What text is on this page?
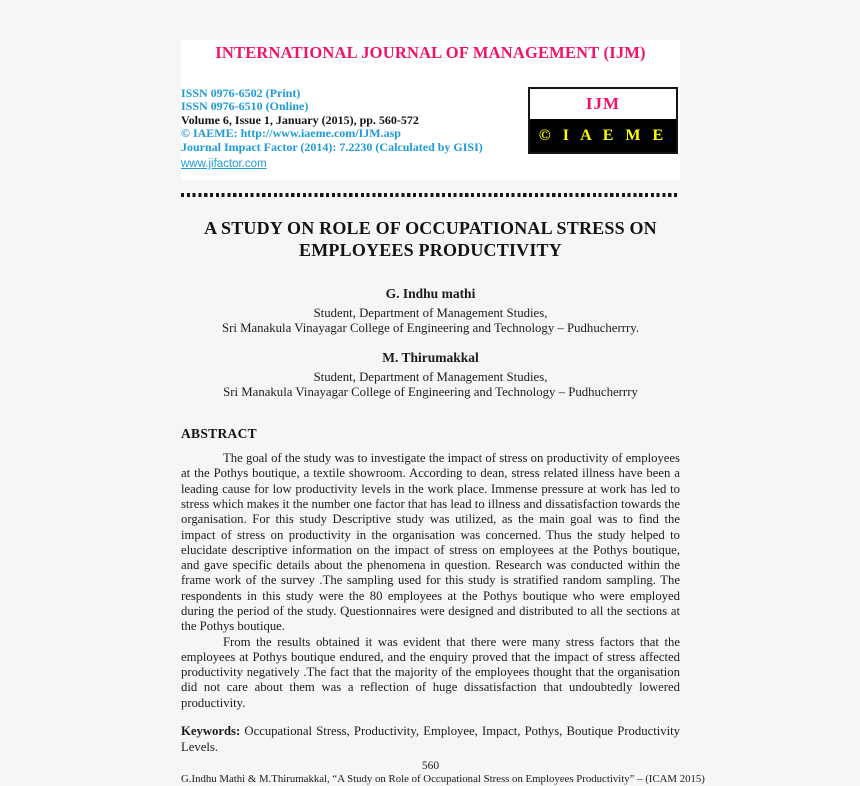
INTERNATIONAL JOURNAL OF MANAGEMENT (IJM)
ISSN 0976-6502 (Print)
ISSN 0976-6510 (Online)
Volume 6, Issue 1, January (2015), pp. 560-572
© IAEME: http://www.iaeme.com/IJM.asp
Journal Impact Factor (2014): 7.2230 (Calculated by GISI)
www.jifactor.com
IJM
© I A E M E
A STUDY ON ROLE OF OCCUPATIONAL STRESS ON EMPLOYEES PRODUCTIVITY
G. Indhu mathi
Student, Department of Management Studies,
Sri Manakula Vinayagar College of Engineering and Technology – Pudhucherrry.
M. Thirumakkal
Student, Department of Management Studies,
Sri Manakula Vinayagar College of Engineering and Technology – Pudhucherrry
ABSTRACT

The goal of the study was to investigate the impact of stress on productivity of employees at the Pothys boutique, a textile showroom. According to dean, stress related illness have been a leading cause for low productivity levels in the work place. Immense pressure at work has led to stress which makes it the number one factor that has lead to illness and dissatisfaction towards the organisation. For this study Descriptive study was utilized, as the main goal was to find the impact of stress on productivity in the organisation was concerned. Thus the study helped to elucidate descriptive information on the impact of stress on employees at the Pothys boutique, and gave specific details about the phenomena in question. Research was conducted within the frame work of the survey .The sampling used for this study is stratified random sampling. The respondents in this study were the 80 employees at the Pothys boutique who were employed during the period of the study. Questionnaires were designed and distributed to all the sections at the Pothys boutique.

From the results obtained it was evident that there were many stress factors that the employees at Pothys boutique endured, and the enquiry proved that the impact of stress affected productivity negatively .The fact that the majority of the employees thought that the organisation did not care about them was a reflection of huge dissatisfaction that undoubtedly lowered productivity.

Keywords: Occupational Stress, Productivity, Employee, Impact, Pothys, Boutique Productivity Levels.

560
G.Indhu Mathi & M.Thirumakkal, “A Study on Role of Occupational Stress on Employees Productivity” – (ICAM 2015)
